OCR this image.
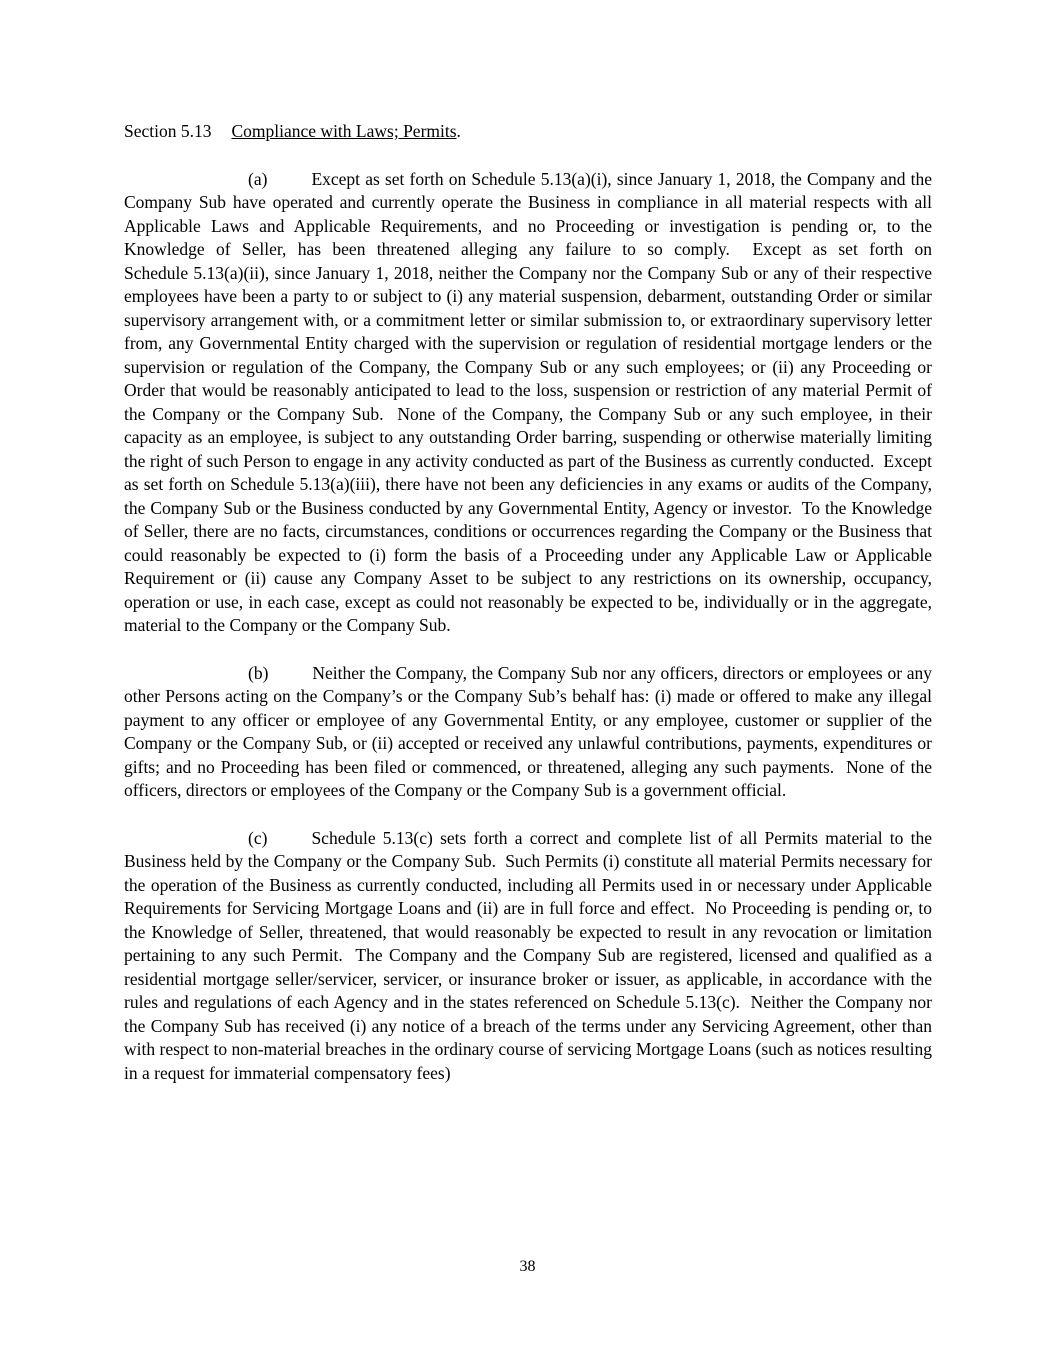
Section 5.13 Compliance with Laws; Permits.

(a)	Except as set forth on Schedule 5.13(a)(i), since January 1, 2018, the Company and the Company Sub have operated and currently operate the Business in compliance in all material respects with all Applicable Laws and Applicable Requirements, and no Proceeding or investigation is pending or, to the Knowledge of Seller, has been threatened alleging any failure to so comply.  Except as set forth on Schedule 5.13(a)(ii), since January 1, 2018, neither the Company nor the Company Sub or any of their respective employees have been a party to or subject to (i) any material suspension, debarment, outstanding Order or similar supervisory arrangement with, or a commitment letter or similar submission to, or extraordinary supervisory letter from, any Governmental Entity charged with the supervision or regulation of residential mortgage lenders or the supervision or regulation of the Company, the Company Sub or any such employees; or (ii) any Proceeding or Order that would be reasonably anticipated to lead to the loss, suspension or restriction of any material Permit of the Company or the Company Sub.  None of the Company, the Company Sub or any such employee, in their capacity as an employee, is subject to any outstanding Order barring, suspending or otherwise materially limiting the right of such Person to engage in any activity conducted as part of the Business as currently conducted.  Except as set forth on Schedule 5.13(a)(iii), there have not been any deficiencies in any exams or audits of the Company, the Company Sub or the Business conducted by any Governmental Entity, Agency or investor.  To the Knowledge of Seller, there are no facts, circumstances, conditions or occurrences regarding the Company or the Business that could reasonably be expected to (i) form the basis of a Proceeding under any Applicable Law or Applicable Requirement or (ii) cause any Company Asset to be subject to any restrictions on its ownership, occupancy, operation or use, in each case, except as could not reasonably be expected to be, individually or in the aggregate, material to the Company or the Company Sub.

(b)	Neither the Company, the Company Sub nor any officers, directors or employees or any other Persons acting on the Company’s or the Company Sub’s behalf has: (i) made or offered to make any illegal payment to any officer or employee of any Governmental Entity, or any employee, customer or supplier of the Company or the Company Sub, or (ii) accepted or received any unlawful contributions, payments, expenditures or gifts; and no Proceeding has been filed or commenced, or threatened, alleging any such payments.  None of the officers, directors or employees of the Company or the Company Sub is a government official.

(c)	Schedule 5.13(c) sets forth a correct and complete list of all Permits material to the Business held by the Company or the Company Sub.  Such Permits (i) constitute all material Permits necessary for the operation of the Business as currently conducted, including all Permits used in or necessary under Applicable Requirements for Servicing Mortgage Loans and (ii) are in full force and effect.  No Proceeding is pending or, to the Knowledge of Seller, threatened, that would reasonably be expected to result in any revocation or limitation pertaining to any such Permit.  The Company and the Company Sub are registered, licensed and qualified as a residential mortgage seller/servicer, servicer, or insurance broker or issuer, as applicable, in accordance with the rules and regulations of each Agency and in the states referenced on Schedule 5.13(c).  Neither the Company nor the Company Sub has received (i) any notice of a breach of the terms under any Servicing Agreement, other than with respect to non-material breaches in the ordinary course of servicing Mortgage Loans (such as notices resulting in a request for immaterial compensatory fees)

38
